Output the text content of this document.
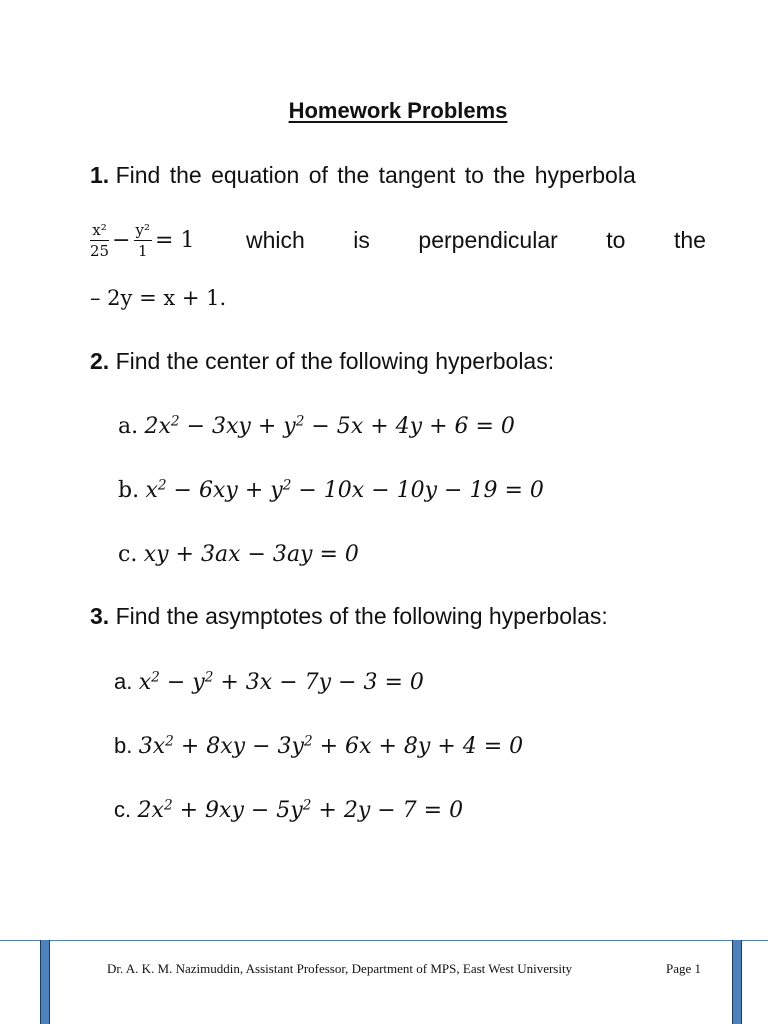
Homework Problems
1. Find the equation of the tangent to the hyperbola
$\frac{\text{x²}}{25} - \frac{\text{y²}}{1} = 1$ which is perpendicular to the
– 2y = x + 1.
2. Find the center of the following hyperbolas:
a. $2x^2 - 3xy + y^2 - 5x + 4y + 6 = 0$
b. $x^2 - 6xy + y^2 - 10x - 10y - 19 = 0$
c. xy + 3ax − 3ay = 0
3. Find the asymptotes of the following hyperbolas:
a. $x^2 - y^2 + 3x - 7y - 3 = 0$
b. $3x^2 + 8xy - 3y^2 + 6x + 8y + 4 = 0$
c. $2x^2 + 9xy - 5y^2 + 2y - 7 = 0$
Dr. A. K. M. Nazimuddin, Assistant Professor, Department of MPS, East West University	Page 1
